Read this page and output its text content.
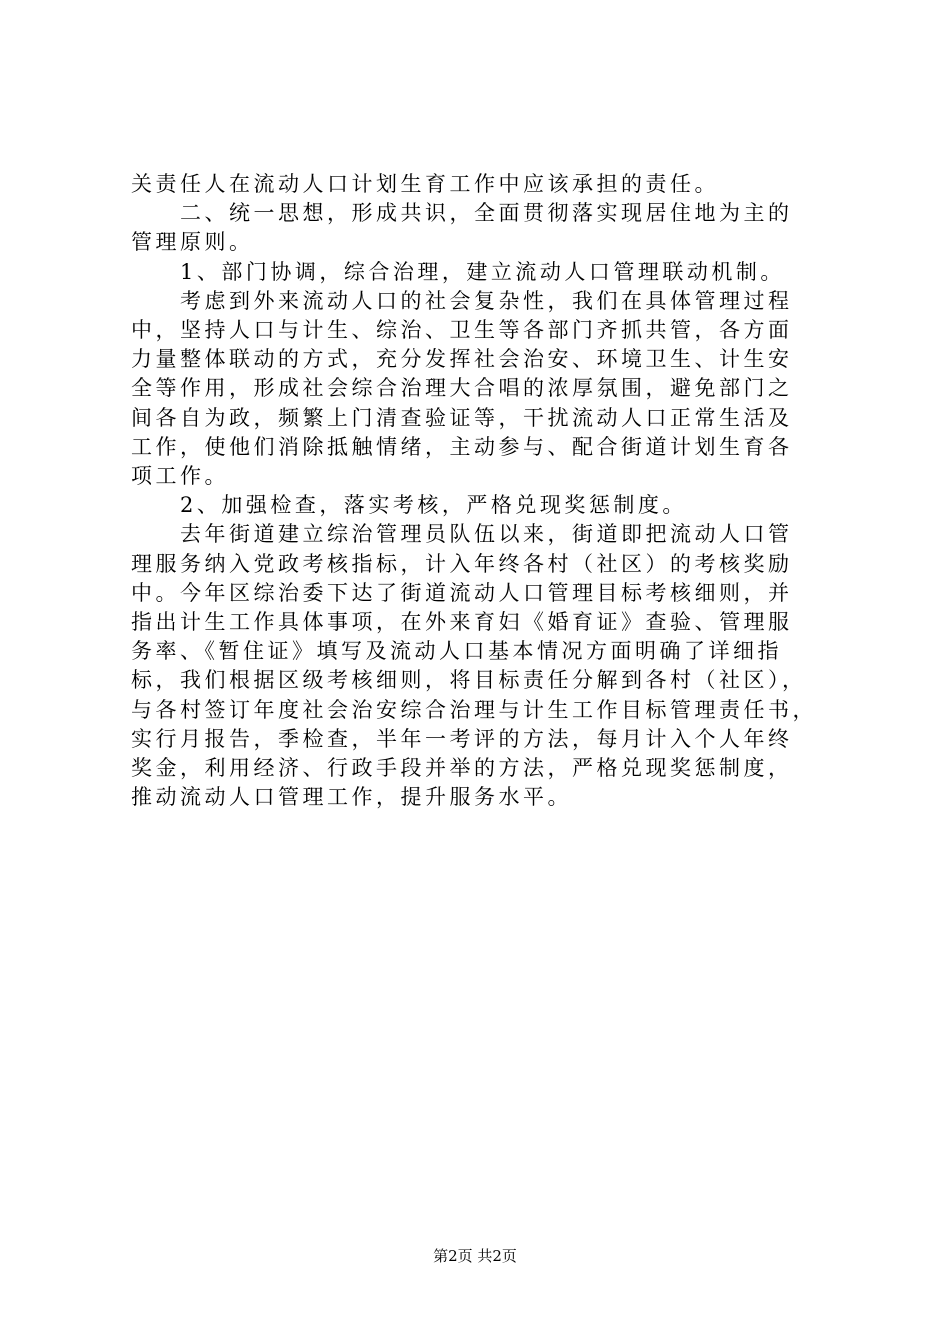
关责任人在流动人口计划生育工作中应该承担的责任。
　　二、统一思想，形成共识，全面贯彻落实现居住地为主的
管理原则。
　　1、部门协调，综合治理，建立流动人口管理联动机制。
　　考虑到外来流动人口的社会复杂性，我们在具体管理过程
中，坚持人口与计生、综治、卫生等各部门齐抓共管，各方面
力量整体联动的方式，充分发挥社会治安、环境卫生、计生安
全等作用，形成社会综合治理大合唱的浓厚氛围，避免部门之
间各自为政，频繁上门清查验证等，干扰流动人口正常生活及
工作，使他们消除抵触情绪，主动参与、配合街道计划生育各
项工作。
　　2、加强检查，落实考核，严格兑现奖惩制度。
　　去年街道建立综治管理员队伍以来，街道即把流动人口管
理服务纳入党政考核指标，计入年终各村（社区）的考核奖励
中。今年区综治委下达了街道流动人口管理目标考核细则，并
指出计生工作具体事项，在外来育妇《婚育证》查验、管理服
务率、《暂住证》填写及流动人口基本情况方面明确了详细指
标，我们根据区级考核细则，将目标责任分解到各村（社区），
与各村签订年度社会治安综合治理与计生工作目标管理责任书，
实行月报告，季检查，半年一考评的方法，每月计入个人年终
奖金，利用经济、行政手段并举的方法，严格兑现奖惩制度，
推动流动人口管理工作，提升服务水平。
第2页 共2页
